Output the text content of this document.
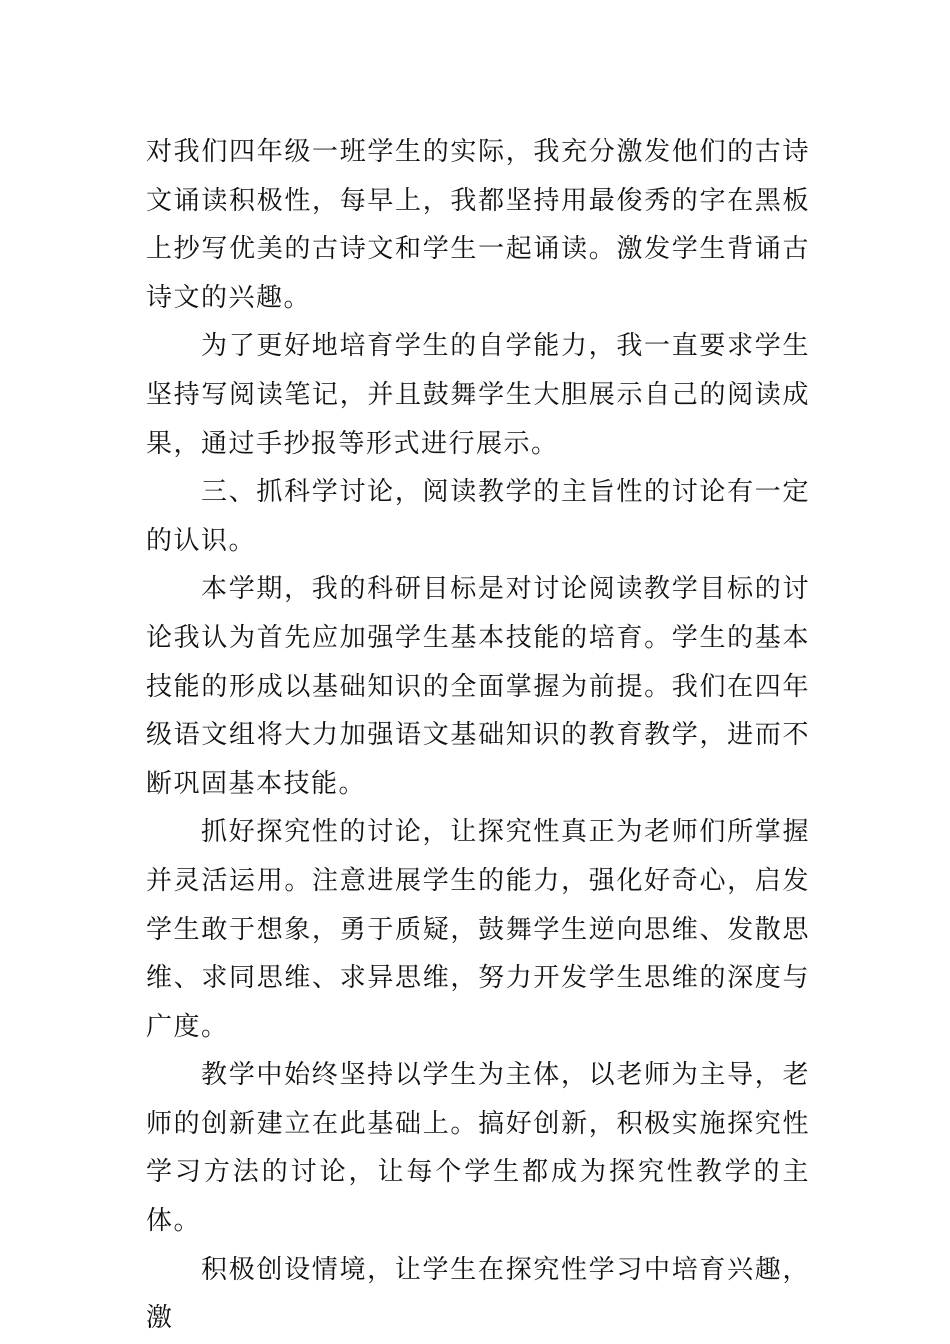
对我们四年级一班学生的实际，我充分激发他们的古诗文诵读积极性，每早上，我都坚持用最俊秀的字在黑板上抄写优美的古诗文和学生一起诵读。激发学生背诵古诗文的兴趣。

为了更好地培育学生的自学能力，我一直要求学生坚持写阅读笔记，并且鼓舞学生大胆展示自己的阅读成果，通过手抄报等形式进行展示。

三、抓科学讨论，阅读教学的主旨性的讨论有一定的认识。

本学期，我的科研目标是对讨论阅读教学目标的讨论我认为首先应加强学生基本技能的培育。学生的基本技能的形成以基础知识的全面掌握为前提。我们在四年级语文组将大力加强语文基础知识的教育教学，进而不断巩固基本技能。

抓好探究性的讨论，让探究性真正为老师们所掌握并灵活运用。注意进展学生的能力，强化好奇心，启发学生敢于想象，勇于质疑，鼓舞学生逆向思维、发散思维、求同思维、求异思维，努力开发学生思维的深度与广度。

教学中始终坚持以学生为主体，以老师为主导，老师的创新建立在此基础上。搞好创新，积极实施探究性学习方法的讨论，让每个学生都成为探究性教学的主体。

积极创设情境，让学生在探究性学习中培育兴趣，激
